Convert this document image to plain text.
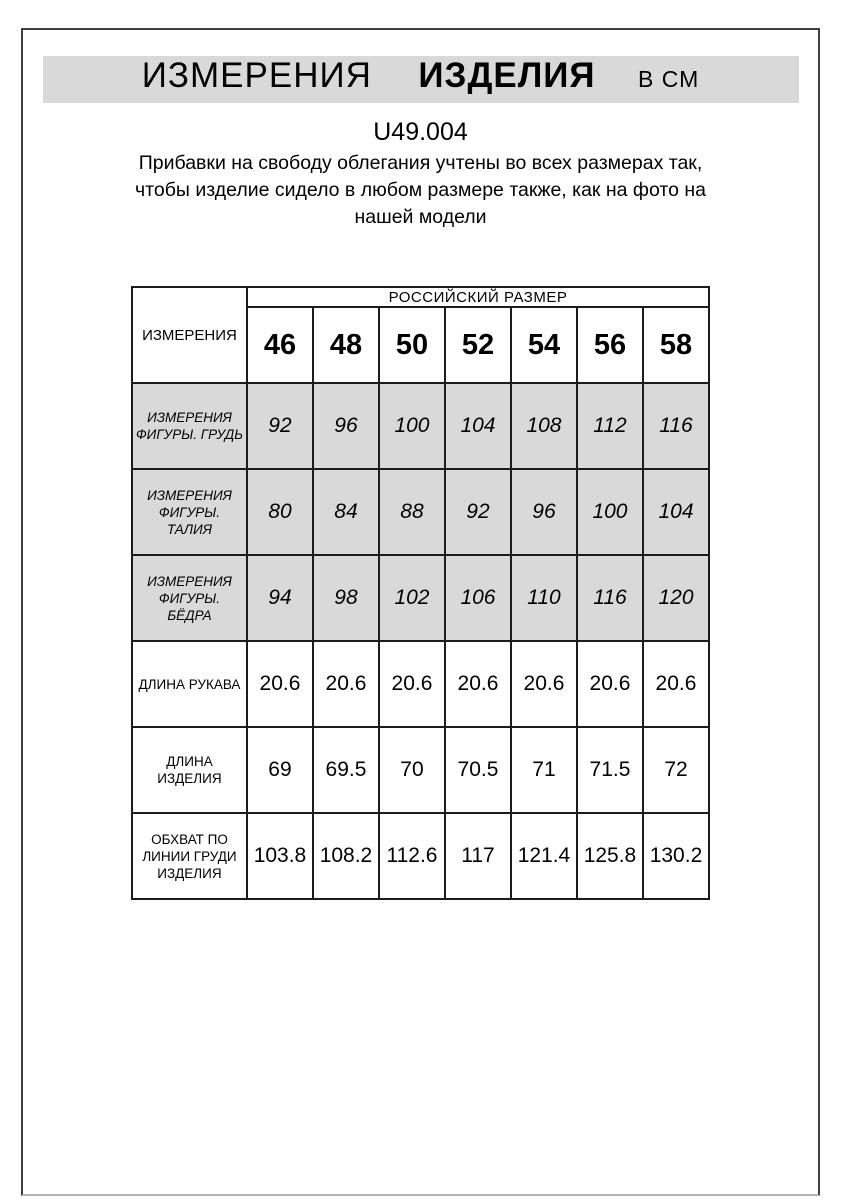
ИЗМЕРЕНИЯ ИЗДЕЛИЯ В СМ
U49.004
Прибавки на свободу облегания учтены во всех размерах так,
чтобы изделие сидело в любом размере также, как на фото на
нашей модели
ИЗМЕРЕНИЯ	РОССИЙСКИЙ РАЗМЕР						
	46	48	50	52	54	56	58
ИЗМЕРЕНИЯ ФИГУРЫ. ГРУДЬ	92	96	100	104	108	112	116
ИЗМЕРЕНИЯ ФИГУРЫ. ТАЛИЯ	80	84	88	92	96	100	104
ИЗМЕРЕНИЯ ФИГУРЫ. БЁДРА	94	98	102	106	110	116	120
ДЛИНА РУКАВА	20.6	20.6	20.6	20.6	20.6	20.6	20.6
ДЛИНА ИЗДЕЛИЯ	69	69.5	70	70.5	71	71.5	72
ОБХВАТ ПО ЛИНИИ ГРУДИ ИЗДЕЛИЯ	103.8	108.2	112.6	117	121.4	125.8	130.2
